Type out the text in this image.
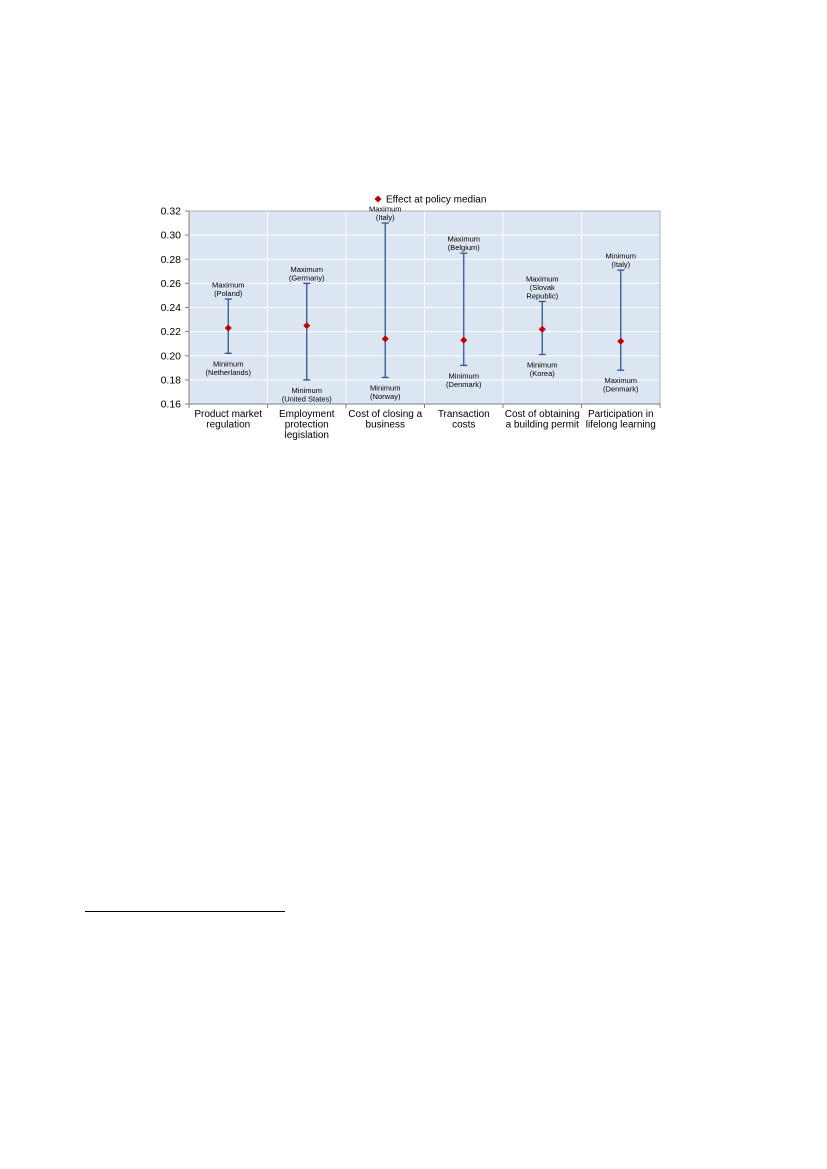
0.16
0.18
0.20
0.22
0.24
0.26
0.28
0.30
0.32
Effect at policy median
Maximum
(Poland)
Minimum
(Netherlands)
Product market
regulation
Maximum
(Germany)
Minimum
(United States)
Employment
protection
legislation
Maximum
(Italy)
Minimum
(Norway)
Cost of closing a
business
Maximum
(Belgium)
Minimum
(Denmark)
Transaction
costs
Maximum
(Slovak
Republic)
Minimum
(Korea)
Cost of obtaining
a building permit
Minimum
(Italy)
Maximum
(Denmark)
Participation in
lifelong learning
